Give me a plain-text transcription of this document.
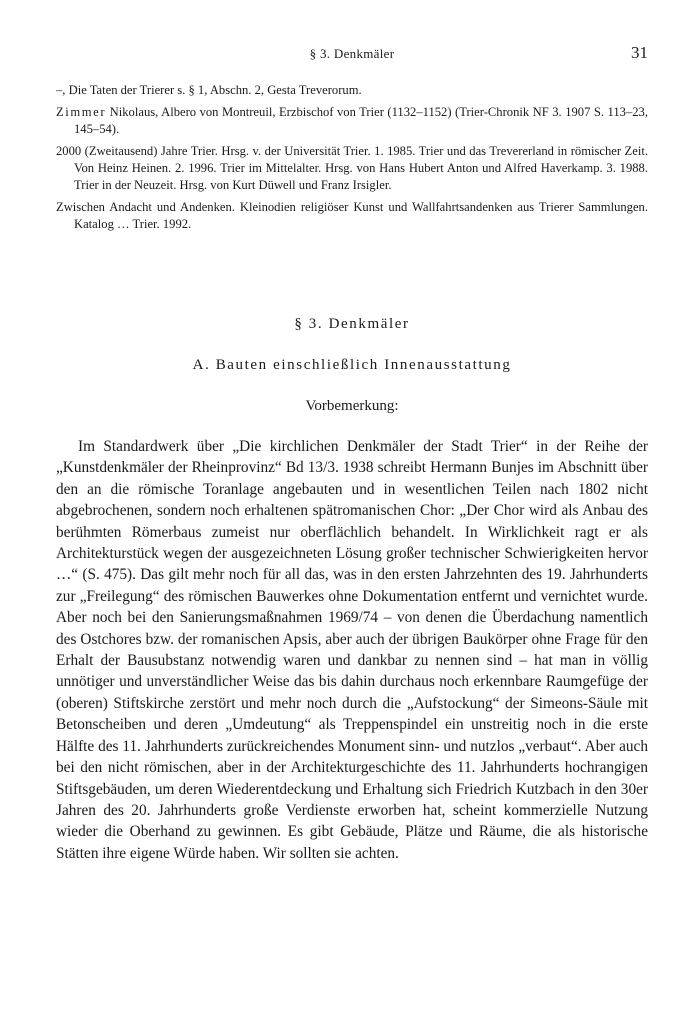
§ 3. Denkmäler	31

–, Die Taten der Trierer s. § 1, Abschn. 2, Gesta Treverorum.

Zimmer Nikolaus, Albero von Montreuil, Erzbischof von Trier (1132–1152) (Trier-Chronik NF 3. 1907 S. 113–23, 145–54).

2000 (Zweitausend) Jahre Trier. Hrsg. v. der Universität Trier. 1. 1985. Trier und das Trevererland in römischer Zeit. Von Heinz Heinen. 2. 1996. Trier im Mittelalter. Hrsg. von Hans Hubert Anton und Alfred Haverkamp. 3. 1988. Trier in der Neuzeit. Hrsg. von Kurt Düwell und Franz Irsigler.

Zwischen Andacht und Andenken. Kleinodien religiöser Kunst und Wallfahrtsandenken aus Trierer Sammlungen. Katalog … Trier. 1992.

§ 3. Denkmäler
A. Bauten einschließlich Innenausstattung

Vorbemerkung:

Im Standardwerk über „Die kirchlichen Denkmäler der Stadt Trier“ in der Reihe der „Kunstdenkmäler der Rheinprovinz“ Bd 13/3. 1938 schreibt Hermann Bunjes im Abschnitt über den an die römische Toranlage angebauten und in wesentlichen Teilen nach 1802 nicht abgebrochenen, sondern noch erhaltenen spätromanischen Chor: „Der Chor wird als Anbau des berühmten Römerbaus zumeist nur oberflächlich behandelt. In Wirklichkeit ragt er als Architekturstück wegen der ausgezeichneten Lösung großer technischer Schwierigkeiten hervor …“ (S. 475). Das gilt mehr noch für all das, was in den ersten Jahrzehnten des 19. Jahrhunderts zur „Freilegung“ des römischen Bauwerkes ohne Dokumentation entfernt und vernichtet wurde. Aber noch bei den Sanierungsmaßnahmen 1969/74 – von denen die Überdachung namentlich des Ostchores bzw. der romanischen Apsis, aber auch der übrigen Baukörper ohne Frage für den Erhalt der Bausubstanz notwendig waren und dankbar zu nennen sind – hat man in völlig unnötiger und unverständlicher Weise das bis dahin durchaus noch erkennbare Raumgefüge der (oberen) Stiftskirche zerstört und mehr noch durch die „Aufstockung“ der Simeons-Säule mit Betonscheiben und deren „Umdeutung“ als Treppenspindel ein unstreitig noch in die erste Hälfte des 11. Jahrhunderts zurückreichendes Monument sinn- und nutzlos „verbaut“. Aber auch bei den nicht römischen, aber in der Architekturgeschichte des 11. Jahrhunderts hochrangigen Stiftsgebäuden, um deren Wiederentdeckung und Erhaltung sich Friedrich Kutzbach in den 30er Jahren des 20. Jahrhunderts große Verdienste erworben hat, scheint kommerzielle Nutzung wieder die Oberhand zu gewinnen. Es gibt Gebäude, Plätze und Räume, die als historische Stätten ihre eigene Würde haben. Wir sollten sie achten.
